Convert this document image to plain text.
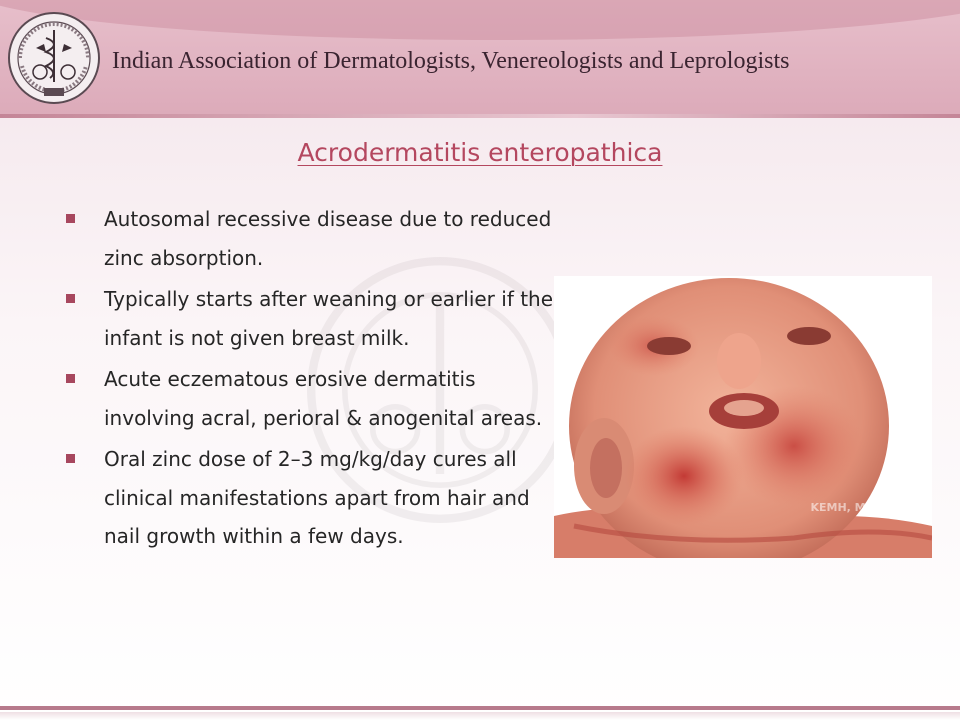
Indian Association of Dermatologists, Venereologists and Leprologists
Acrodermatitis enteropathica
Autosomal recessive disease due to reduced zinc absorption.
Typically starts after weaning or earlier if the infant is not given breast milk.
Acute eczematous erosive dermatitis involving acral, perioral & anogenital areas.
Oral zinc dose of 2–3 mg/kg/day cures all clinical manifestations apart from hair and nail growth within a few days.
KEMH, Mumbai
